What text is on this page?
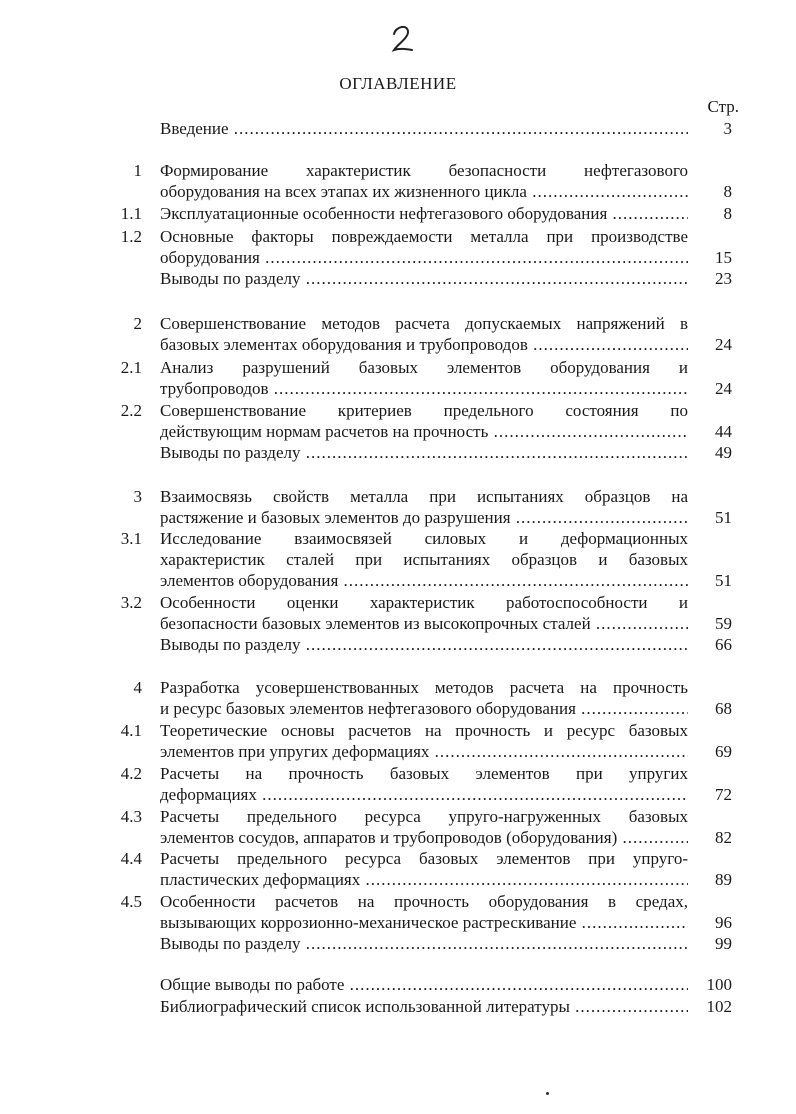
ОГЛАВЛЕНИЕ
Стр.
Введение .....	3
1 Формирование характеристик безопасности нефтегазового
оборудования на всех этапах их жизненного цикла .....	8
1.1 Эксплуатационные особенности нефтегазового оборудования .....	8
1.2 Основные факторы повреждаемости металла при производстве
оборудования .....	15
Выводы по разделу .....	23
2 Совершенствование методов расчета допускаемых напряжений в
базовых элементах оборудования и трубопроводов .....	24
2.1 Анализ разрушений базовых элементов оборудования и
трубопроводов .....	24
2.2 Совершенствование критериев предельного состояния по
действующим нормам расчетов на прочность .....	44
Выводы по разделу .....	49
3 Взаимосвязь свойств металла при испытаниях образцов на
растяжение и базовых элементов до разрушения .....	51
3.1 Исследование взаимосвязей силовых и деформационных
характеристик сталей при испытаниях образцов и базовых
элементов оборудования .....	51
3.2 Особенности оценки характеристик работоспособности и
безопасности базовых элементов из высокопрочных сталей .....	59
Выводы по разделу .....	66
4 Разработка усовершенствованных методов расчета на прочность
и ресурс базовых элементов нефтегазового оборудования .....	68
4.1 Теоретические основы расчетов на прочность и ресурс базовых
элементов при упругих деформациях .....	69
4.2 Расчеты на прочность базовых элементов при упругих
деформациях .....	72
4.3 Расчеты предельного ресурса упруго-нагруженных базовых
элементов сосудов, аппаратов и трубопроводов (оборудования) .....	82
4.4 Расчеты предельного ресурса базовых элементов при упруго-
пластических деформациях .....	89
4.5 Особенности расчетов на прочность оборудования в средах,
вызывающих коррозионно-механическое растрескивание .....	96
Выводы по разделу .....	99
Общие выводы по работе .....	100
Библиографический список использованной литературы .....	102
